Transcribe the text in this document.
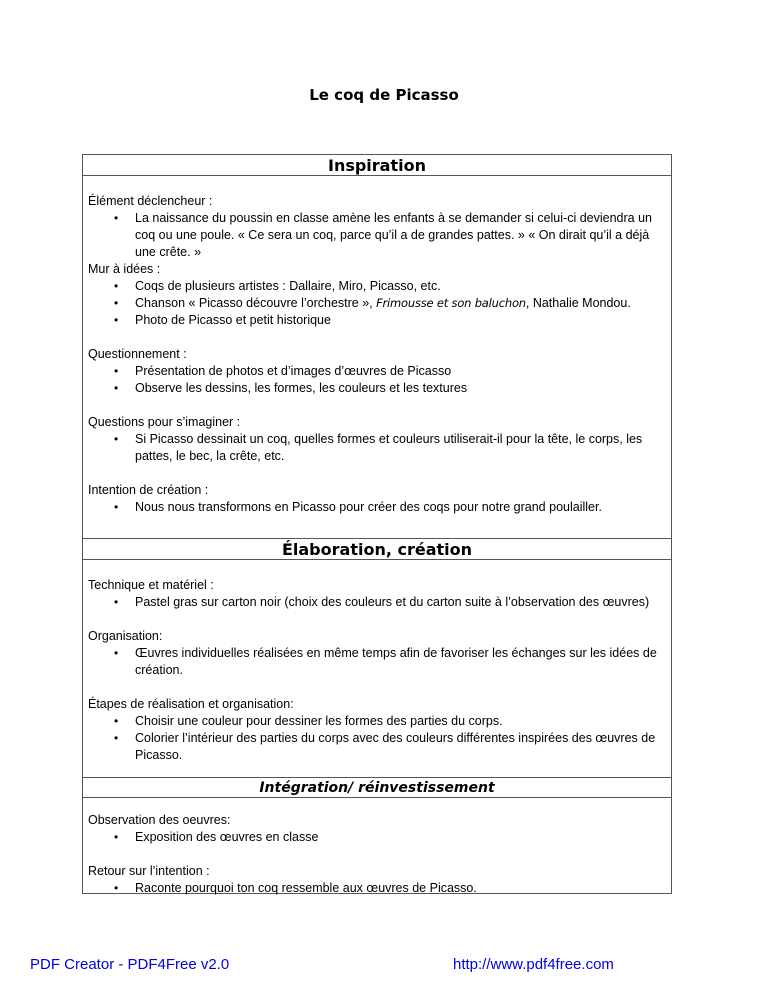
Le coq de Picasso
Inspiration

Élément déclencheur :

• La naissance du poussin en classe amène les enfants à se demander si celui-ci deviendra un coq ou une poule. « Ce sera un coq, parce qu’il a de grandes pattes. » « On dirait qu’il a déjà une crête. »

Mur à idées :

• Coqs de plusieurs artistes : Dallaire, Miro, Picasso, etc.
• Chanson « Picasso découvre l’orchestre », Frimousse et son baluchon, Nathalie Mondou.
• Photo de Picasso et petit historique

Questionnement :

• Présentation de photos et d’images d’œuvres de Picasso
• Observe les dessins, les formes, les couleurs et les textures

Questions pour s’imaginer :

• Si Picasso dessinait un coq, quelles formes et couleurs utiliserait-il pour la tête, le corps, les pattes, le bec, la crête, etc.

Intention de création :

• Nous nous transformons en Picasso pour créer des coqs pour notre grand poulailler.
Élaboration, création

Technique et matériel :

• Pastel gras sur carton noir (choix des couleurs et du carton suite à l’observation des œuvres)

Organisation:

• Œuvres individuelles réalisées en même temps afin de favoriser les échanges sur les idées de création.

Étapes de réalisation et organisation:

• Choisir une couleur pour dessiner les formes des parties du corps.
• Colorier l’intérieur des parties du corps avec des couleurs différentes inspirées des œuvres de Picasso.
Intégration/ réinvestissement

Observation des oeuvres:

• Exposition des œuvres en classe

Retour sur l’intention :

• Raconte pourquoi ton coq ressemble aux œuvres de Picasso.
PDF Creator - PDF4Free v2.0	http://www.pdf4free.com
